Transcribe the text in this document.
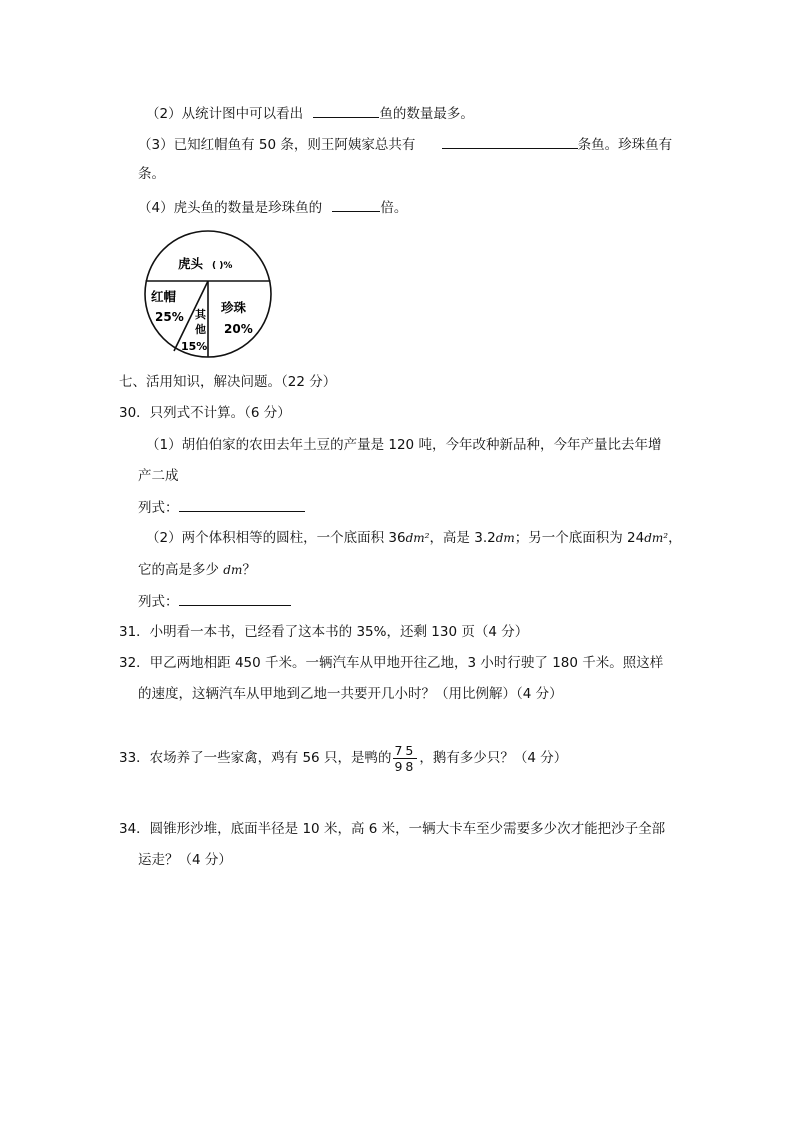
（2）从统计图中可以看出	鱼的数量最多。
（3）已知红帽鱼有 50 条，则王阿姨家总共有	条鱼。珍珠鱼有
条。
（4）虎头鱼的数量是珍珠鱼的	倍。
虎头 ( )%
红帽
25% 其
他
15%
珍珠
20%
七、活用知识，解决问题。（22 分）
30．只列式不计算。（6 分）
（1）胡伯伯家的农田去年土豆的产量是 120 吨，今年改种新品种，今年产量比去年增
产二成
列式：
（2）两个体积相等的圆柱，一个底面积 36dm²，高是 3.2dm；另一个底面积为 24dm²，
它的高是多少 dm？
列式：
31．小明看一本书，已经看了这本书的 35%，还剩 130 页（4 分）
32．甲乙两地相距 450 千米。一辆汽车从甲地开往乙地，3 小时行驶了 180 千米。照这样
的速度，这辆汽车从甲地到乙地一共要开几小时？（用比例解）（4 分）
33．农场养了一些家禽，鸡有 56 只，是鸭的 $\frac{75}{98}$ ，鹅有多少只？（4 分）
34．圆锥形沙堆，底面半径是 10 米，高 6 米，一辆大卡车至少需要多少次才能把沙子全部
运走？（4 分）
